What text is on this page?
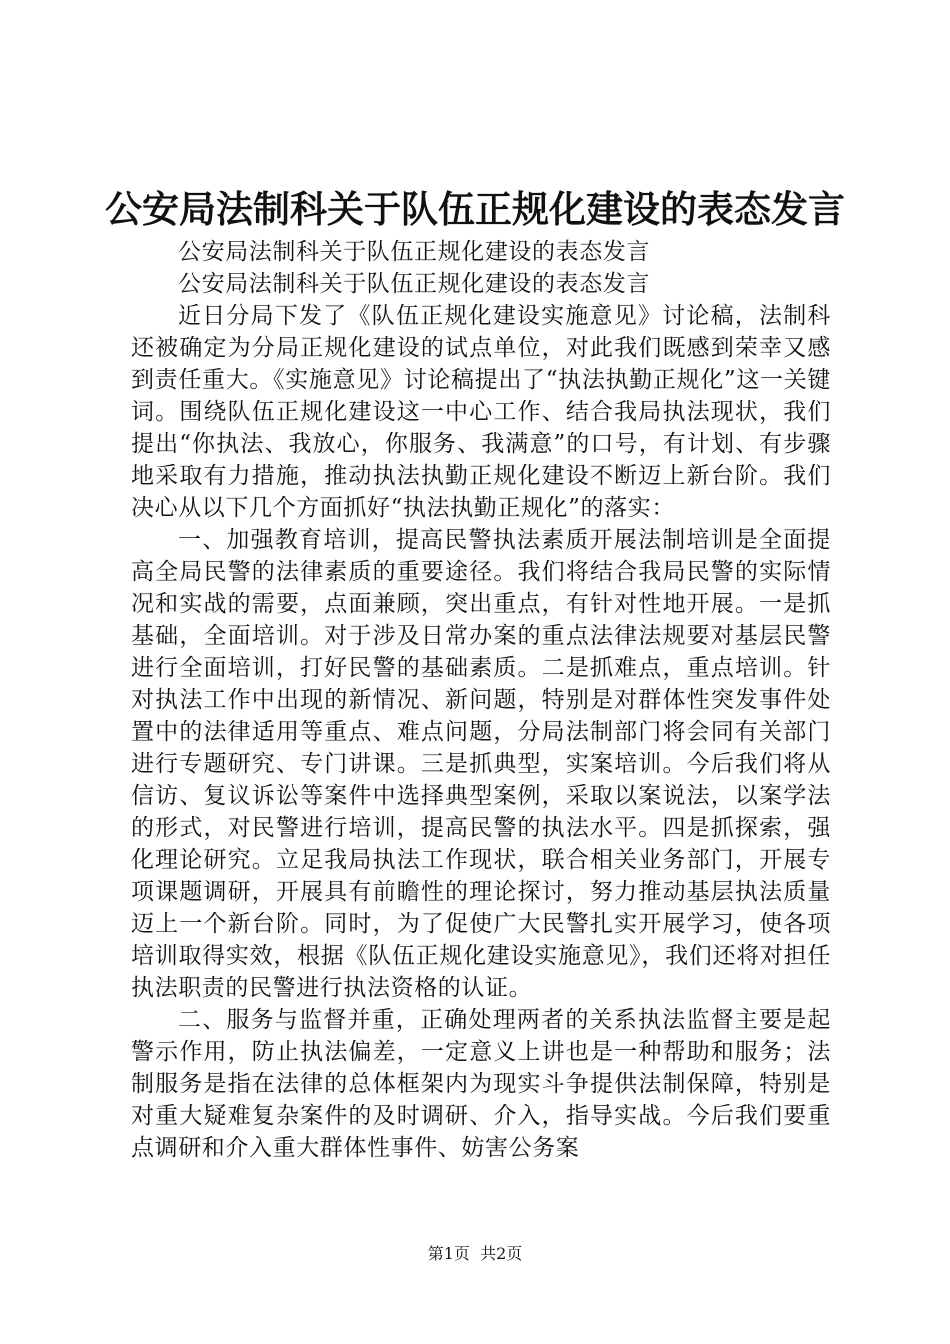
公安局法制科关于队伍正规化建设的表态发言

公安局法制科关于队伍正规化建设的表态发言

公安局法制科关于队伍正规化建设的表态发言

近日分局下发了《队伍正规化建设实施意见》讨论稿，法制科还被确定为分局正规化建设的试点单位，对此我们既感到荣幸又感到责任重大。《实施意见》讨论稿提出了“执法执勤正规化”这一关键词。围绕队伍正规化建设这一中心工作、结合我局执法现状，我们提出“你执法、我放心，你服务、我满意”的口号，有计划、有步骤地采取有力措施，推动执法执勤正规化建设不断迈上新台阶。我们决心从以下几个方面抓好“执法执勤正规化”的落实：

一、加强教育培训，提高民警执法素质开展法制培训是全面提高全局民警的法律素质的重要途径。我们将结合我局民警的实际情况和实战的需要，点面兼顾，突出重点，有针对性地开展。一是抓基础，全面培训。对于涉及日常办案的重点法律法规要对基层民警进行全面培训，打好民警的基础素质。二是抓难点，重点培训。针对执法工作中出现的新情况、新问题，特别是对群体性突发事件处置中的法律适用等重点、难点问题，分局法制部门将会同有关部门进行专题研究、专门讲课。三是抓典型，实案培训。今后我们将从信访、复议诉讼等案件中选择典型案例，采取以案说法，以案学法的形式，对民警进行培训，提高民警的执法水平。四是抓探索，强化理论研究。立足我局执法工作现状，联合相关业务部门，开展专项课题调研，开展具有前瞻性的理论探讨，努力推动基层执法质量迈上一个新台阶。同时，为了促使广大民警扎实开展学习，使各项培训取得实效，根据《队伍正规化建设实施意见》，我们还将对担任执法职责的民警进行执法资格的认证。

二、服务与监督并重，正确处理两者的关系执法监督主要是起警示作用，防止执法偏差，一定意义上讲也是一种帮助和服务；法制服务是指在法律的总体框架内为现实斗争提供法制保障，特别是对重大疑难复杂案件的及时调研、介入，指导实战。今后我们要重点调研和介入重大群体性事件、妨害公务案

第1页 共2页
